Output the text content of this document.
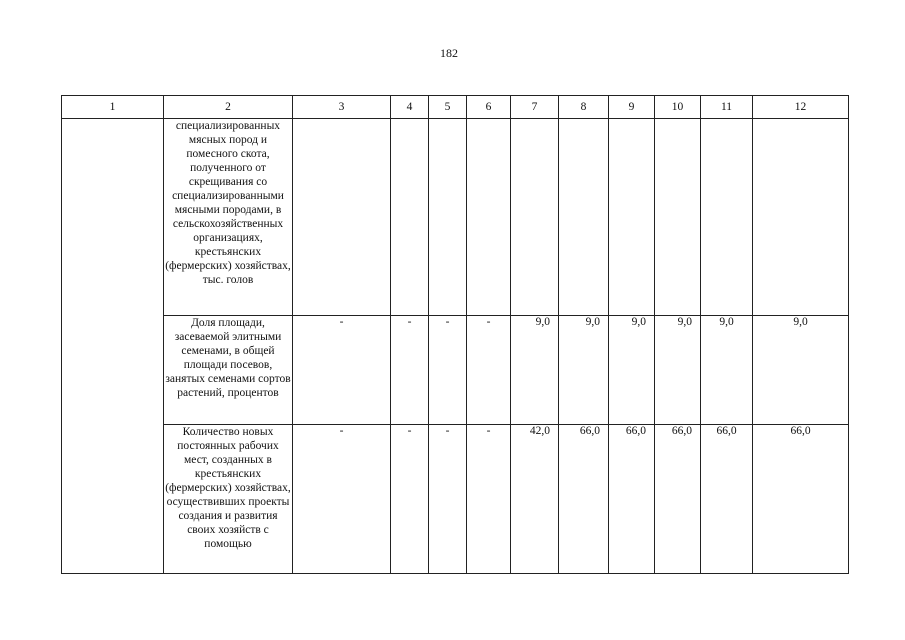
182
1	2	3	4	5	6	7	8	9	10	11	12
	специализированных мясных пород и помесного скота, полученного от скрещивания со специализированными мясными породами, в сельскохозяйственных организациях, крестьянских (фермерских) хозяйствах, тыс. голов										
	Доля площади, засеваемой элитными семенами, в общей площади посевов, занятых семенами сортов растений, процентов	-	-	-	-	9,0	9,0	9,0	9,0	9,0	9,0
	Количество новых постоянных рабочих мест, созданных в крестьянских (фермерских) хозяйствах, осуществивших проекты создания и развития своих хозяйств с помощью	-	-	-	-	42,0	66,0	66,0	66,0	66,0	66,0
